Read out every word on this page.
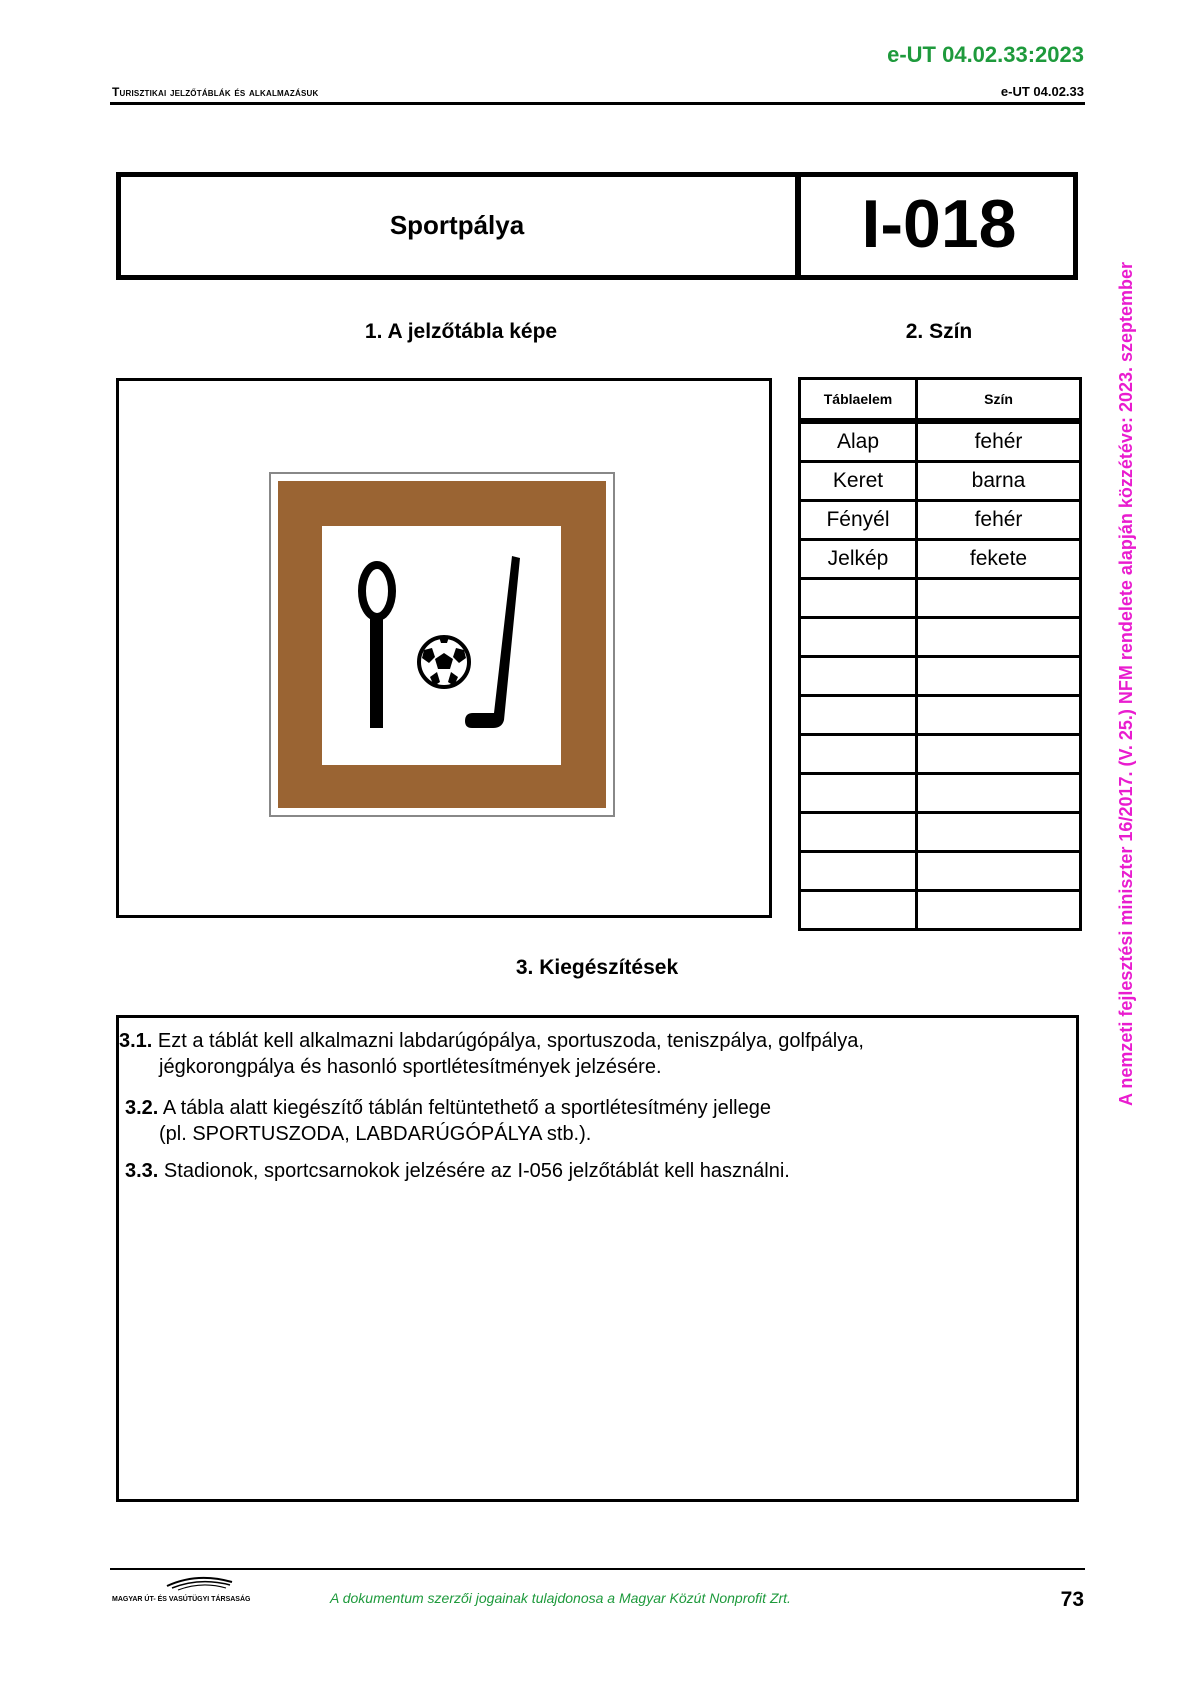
e-UT 04.02.33:2023
Turisztikai jelzőtáblák és alkalmazásuk	e-UT 04.02.33
A nemzeti fejlesztési miniszter 16/2017. (V. 25.) NFM rendelete alapján közzétéve: 2023. szeptember
Sportpálya	I-018
1. A jelzőtábla képe	2. Szín
Táblaelem	Szín
Alap	fehér
Keret	barna
Fényél	fehér
Jelkép	fekete

3. Kiegészítések
3.1. Ezt a táblát kell alkalmazni labdarúgópálya, sportuszoda, teniszpálya, golfpálya,
jégkorongpálya és hasonló sportlétesítmények jelzésére.
3.2. A tábla alatt kiegészítő táblán feltüntethető a sportlétesítmény jellege
(pl. SPORTUSZODA, LABDARÚGÓPÁLYA stb.).
3.3. Stadionok, sportcsarnokok jelzésére az I-056 jelzőtáblát kell használni.
MAGYAR ÚT- ÉS VASÚTÜGYI TÁRSASÁG	A dokumentum szerzői jogainak tulajdonosa a Magyar Közút Nonprofit Zrt.	73
